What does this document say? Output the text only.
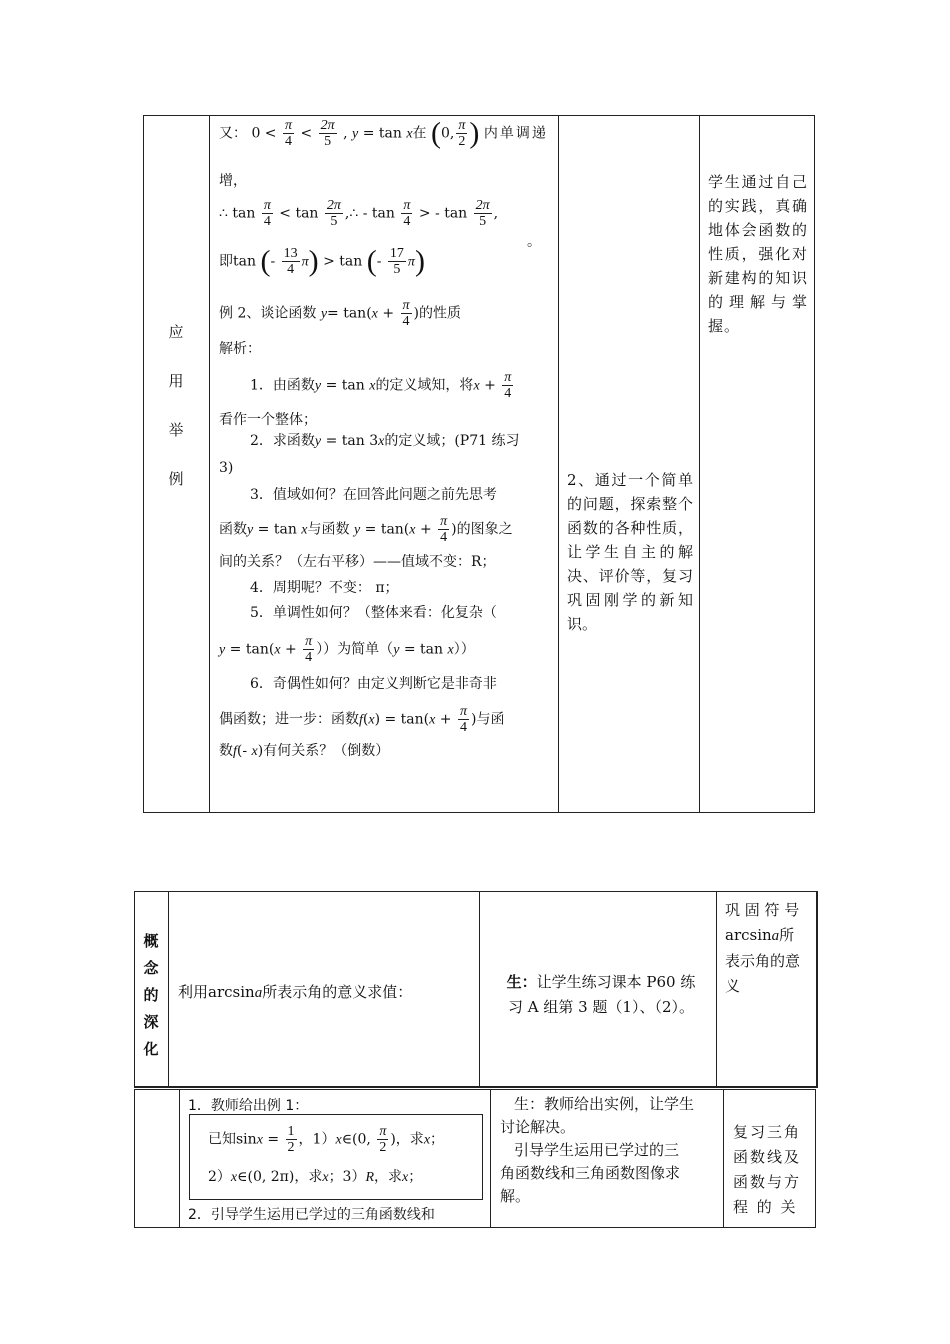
应
用
举
例
又： $0 < \frac{\pi}{4} < \frac{2\pi}{5}$ , y = tan x在 (0, $\frac{\pi}{2}$ ) 内单调递
增，
∴ $\tan \frac{\pi}{4} < \tan \frac{2\pi}{5}$ ,∴ - $\tan \frac{\pi}{4}$ > - $\tan \frac{2\pi}{5}$ ,
即tan (- $\frac{13}{4} \pi) > \tan$ (- $\frac{17}{5} \pi$)
。
例 2、谈论函数 $y= \tan(x + \frac{\pi}{4}$ )的性质
解析：
1．由函数y = tan x的定义域知，将$x + \frac{\pi}{4}$
看作一个整体；
2．求函数y = tan 3x的定义域；(P71 练习
3)
3．值域如何？在回答此问题之前先思考
函数y = tan x与函数 $y = \tan(x + \frac{\pi}{4}$ )的图象之
间的关系？（左右平移）——值域不变：R；
4．周期呢？不变： π；
5．单调性如何？（整体来看：化复杂（
$y = \tan(x + \frac{\pi}{4}$ ））为简单（y = tan x））
6．奇偶性如何？由定义判断它是非奇非
偶函数；进一步：函数$f(x) = \tan(x + \frac{\pi}{4}$ )与函
数f(- x)有何关系？（倒数）
2、通过一个简单的问题，探索整个函数的各种性质，让学生自主的解决、评价等，复习巩固刚学的新知识。
学生通过自己的实践，真确地体会函数的性质，强化对新建构的知识的理解与掌握。
概
念
的
深
化
利用arcsina所表示角的意义求值：
生：让学生练习课本 P60 练
习 A 组第 3 题（1）、（2）。
巩 固 符 号
arcsina所
表示角的意
义
1．教师给出例 1：
已知$\sin x = \frac{1}{2}$ ，1）x∈(0, $\frac{\pi}{2}$ )，求x；
2）x∈(0, 2π)，求x；3）R，求x；
2．引导学生运用已学过的三角函数线和
生：教师给出实例，让学生
讨论解决。
引导学生运用已学过的三
角函数线和三角函数图像求
解。
复习三角
函数线及
函数与方
程 的 关
